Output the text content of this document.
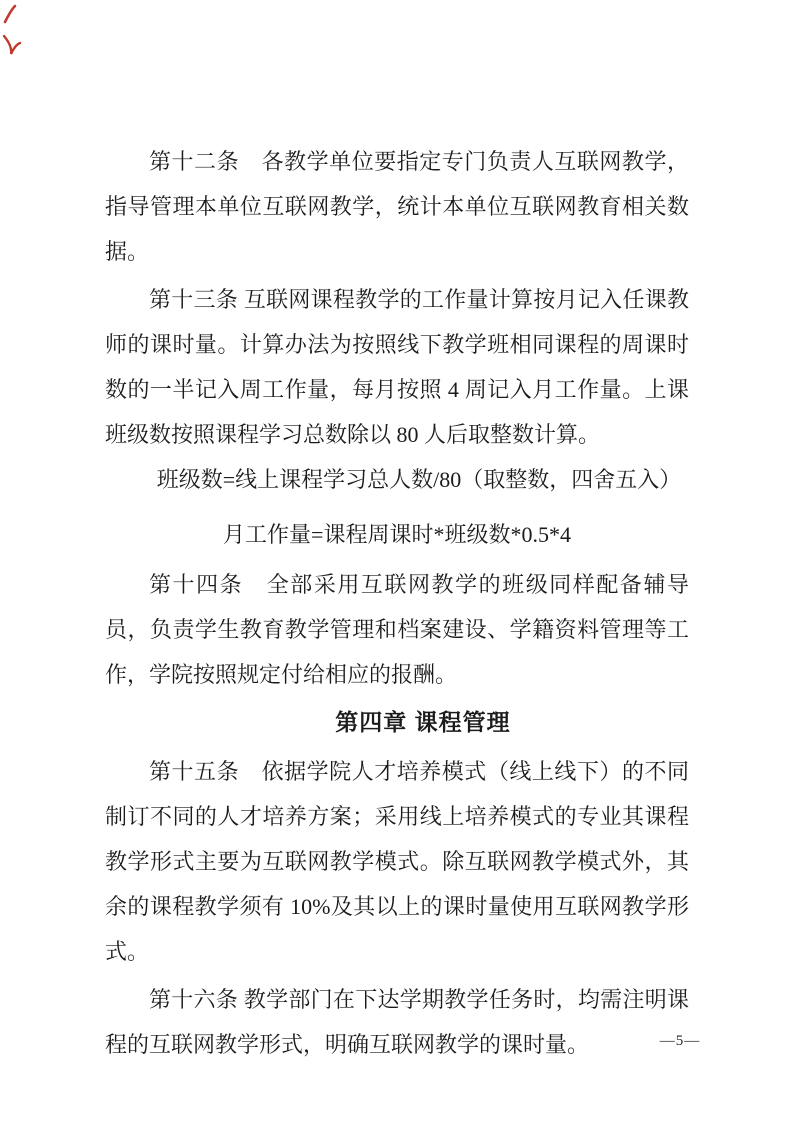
第十二条　各教学单位要指定专门负责人互联网教学，指导管理本单位互联网教学，统计本单位互联网教育相关数据。

第十三条 互联网课程教学的工作量计算按月记入任课教师的课时量。计算办法为按照线下教学班相同课程的周课时数的一半记入周工作量，每月按照 4 周记入月工作量。上课班级数按照课程学习总数除以 80 人后取整数计算。

班级数=线上课程学习总人数/80（取整数，四舍五入）

月工作量=课程周课时*班级数*0.5*4

第十四条　全部采用互联网教学的班级同样配备辅导员，负责学生教育教学管理和档案建设、学籍资料管理等工作，学院按照规定付给相应的报酬。

第四章 课程管理

第十五条　依据学院人才培养模式（线上线下）的不同制订不同的人才培养方案；采用线上培养模式的专业其课程教学形式主要为互联网教学模式。除互联网教学模式外，其余的课程教学须有 10%及其以上的课时量使用互联网教学形式。

第十六条 教学部门在下达学期教学任务时，均需注明课程的互联网教学形式，明确互联网教学的课时量。	—5—
